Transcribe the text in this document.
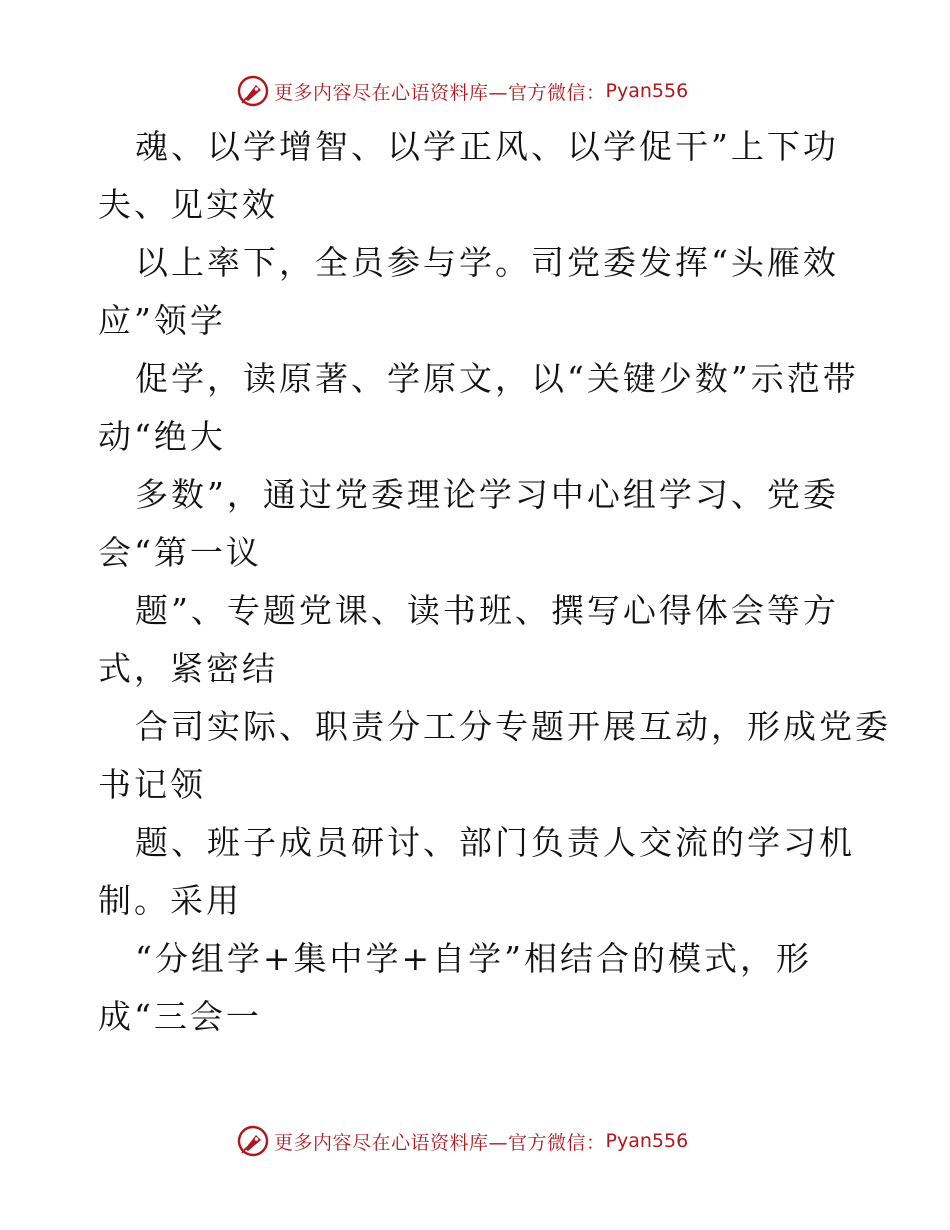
更多内容尽在心语资料库—官方微信： Pyan556
魂、以学增智、以学正风、以学促干”上下功
夫、见实效
以上率下，全员参与学。司党委发挥“头雁效
应”领学
促学，读原著、学原文，以“关键少数”示范带
动“绝大
多数”，通过党委理论学习中心组学习、党委
会“第一议
题”、专题党课、读书班、撰写心得体会等方
式，紧密结
合司实际、职责分工分专题开展互动，形成党委
书记领
题、班子成员研讨、部门负责人交流的学习机
制。采用
“分组学+集中学+自学”相结合的模式，形
成“三会一
更多内容尽在心语资料库—官方微信： Pyan556
